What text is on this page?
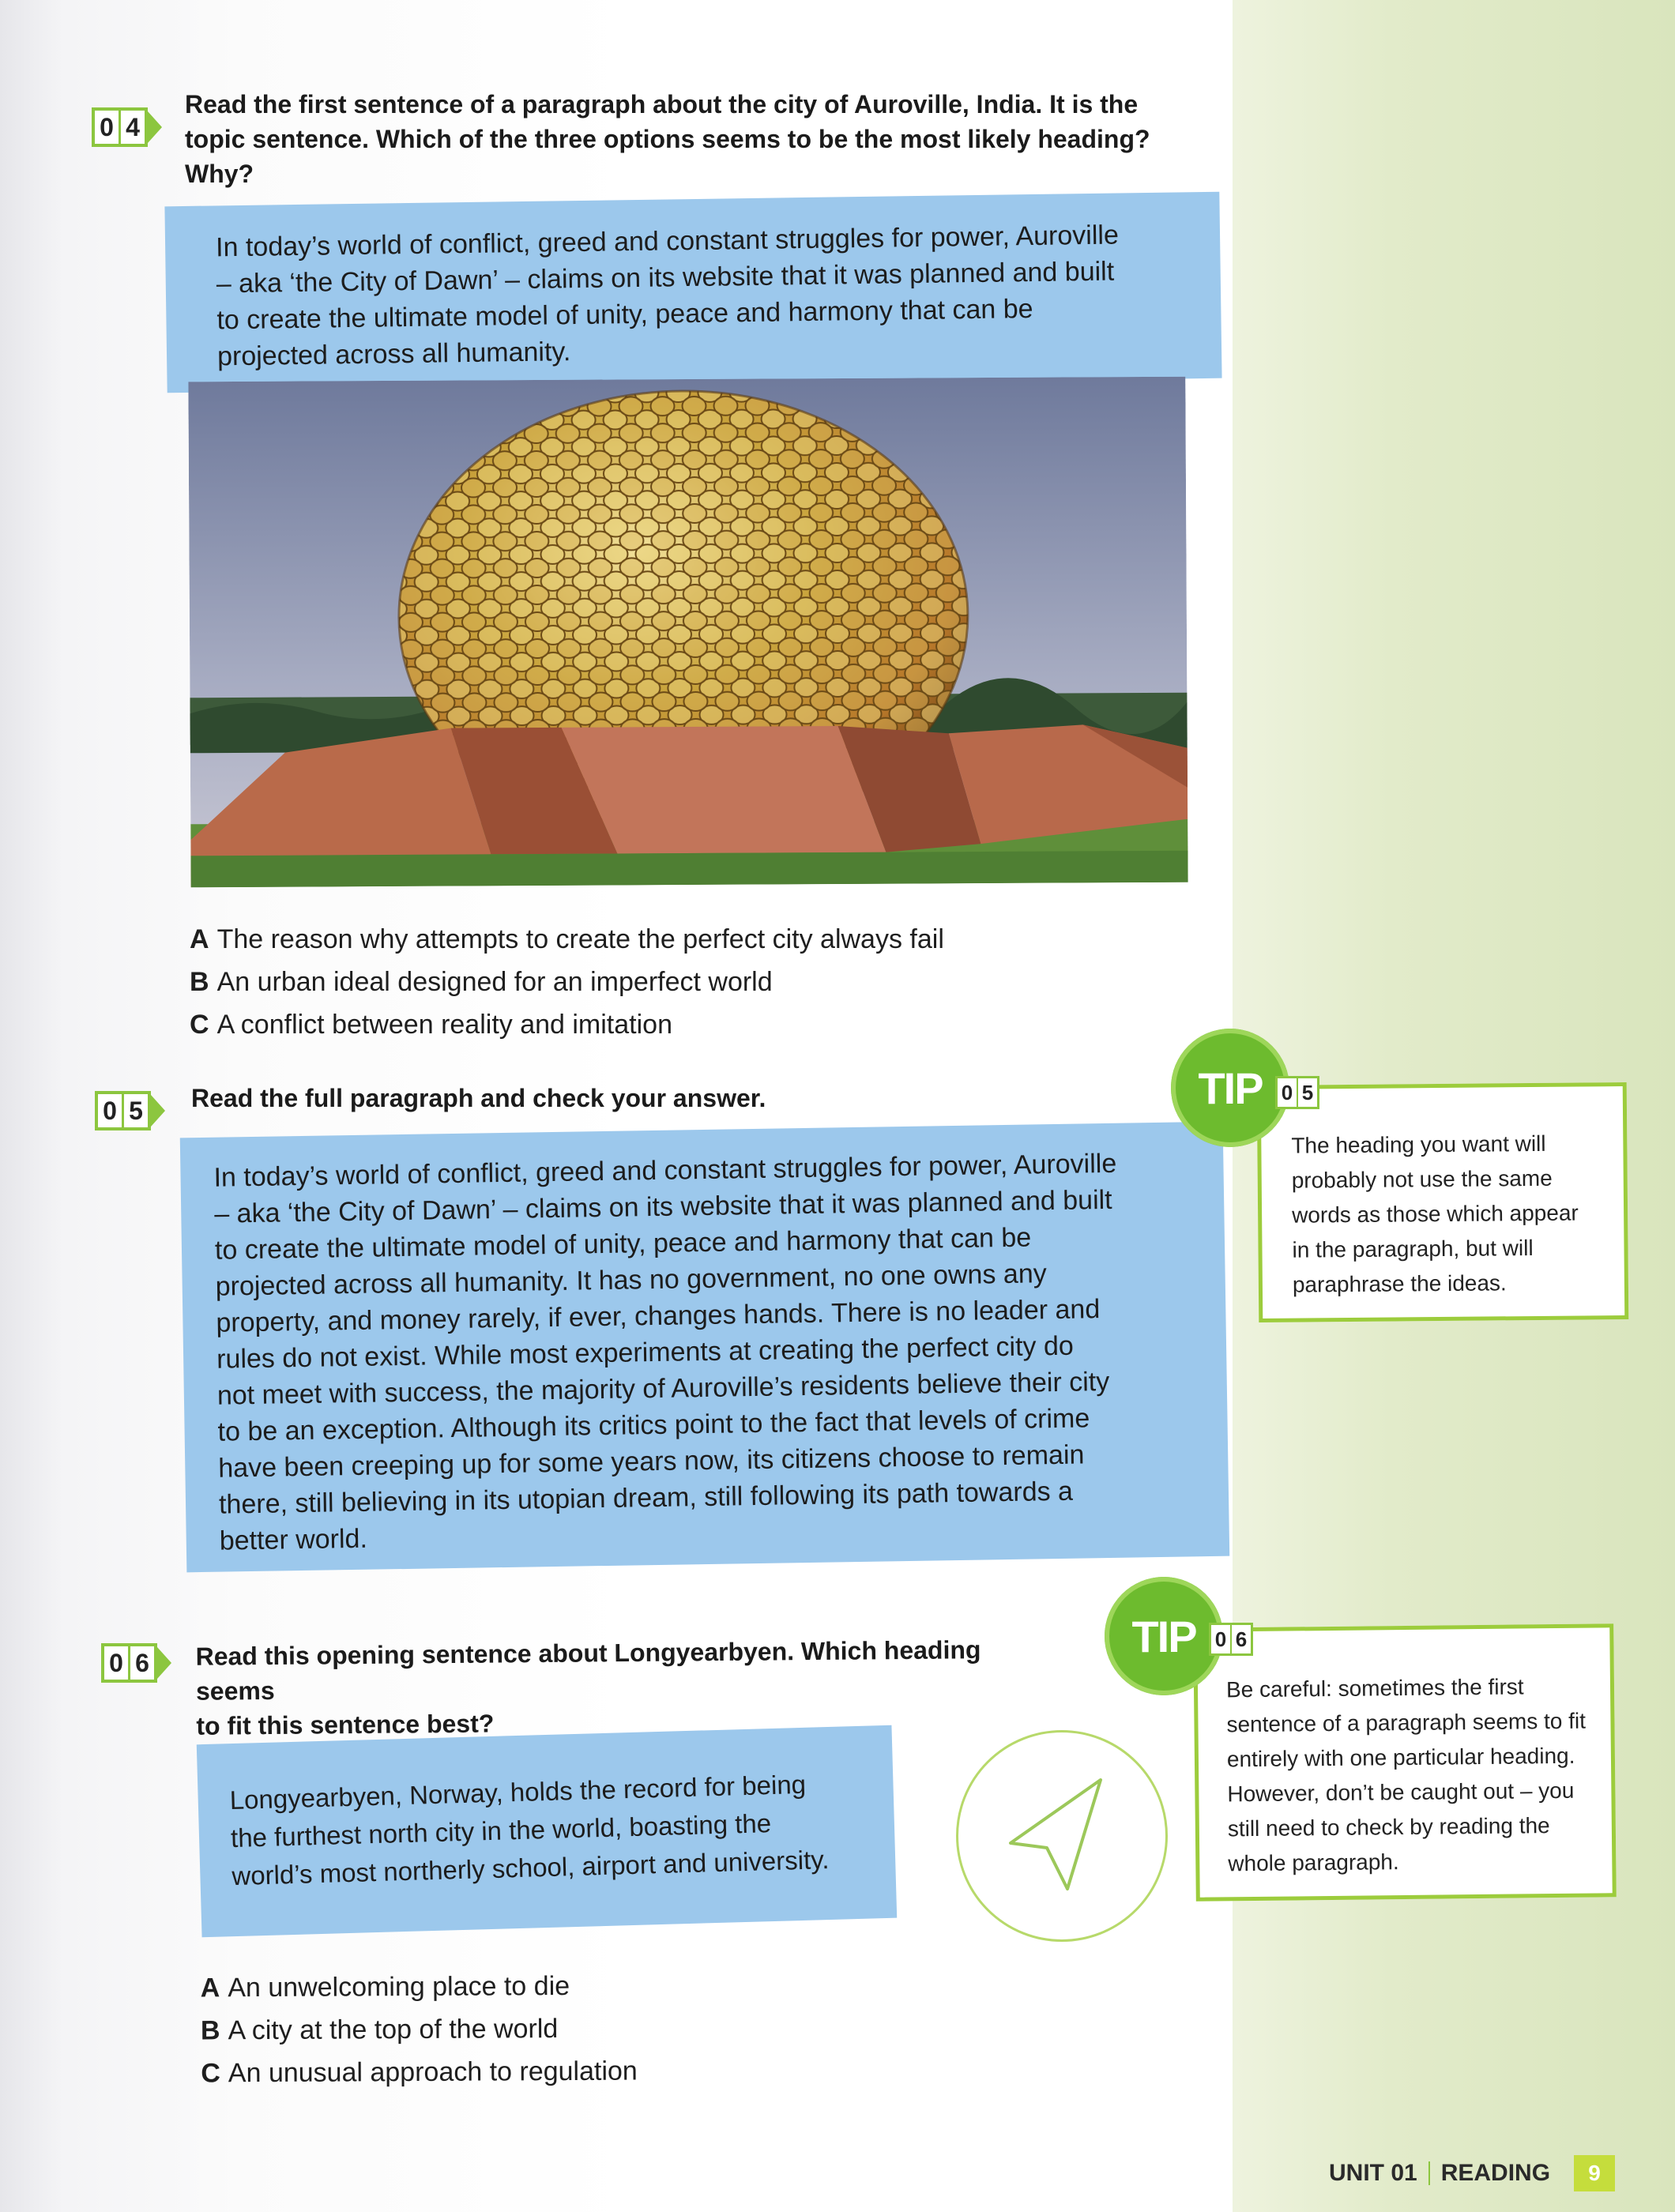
0 4
Read the first sentence of a paragraph about the city of Auroville, India. It is the
topic sentence. Which of the three options seems to be the most likely heading?
Why?

In today’s world of conflict, greed and constant struggles for power, Auroville

– aka ‘the City of Dawn’ – claims on its website that it was planned and built

to create the ultimate model of unity, peace and harmony that can be

projected across all humanity.

A The reason why attempts to create the perfect city always fail
B An urban ideal designed for an imperfect world
C A conflict between reality and imitation
0 5 Read the full paragraph and check your answer.

In today’s world of conflict, greed and constant struggles for power, Auroville

– aka ‘the City of Dawn’ – claims on its website that it was planned and built

to create the ultimate model of unity, peace and harmony that can be

projected across all humanity. It has no government, no one owns any

property, and money rarely, if ever, changes hands. There is no leader and

rules do not exist. While most experiments at creating the perfect city do

not meet with success, the majority of Auroville’s residents believe their city

to be an exception. Although its critics point to the fact that levels of crime

have been creeping up for some years now, its citizens choose to remain

there, still believing in its utopian dream, still following its path towards a

better world.

The heading you want will
probably not use the same
words as those which appear
in the paragraph, but will
paraphrase the ideas.
TIP 0 5
0 6 Read this opening sentence about Longyearbyen. Which heading seems
to fit this sentence best?

Longyearbyen, Norway, holds the record for being

the furthest north city in the world, boasting the

world’s most northerly school, airport and university.

Be careful: sometimes the first
sentence of a paragraph seems to fit
entirely with one particular heading.
However, don’t be caught out – you
still need to check by reading the
whole paragraph.
TIP 0 6
A An unwelcoming place to die
B A city at the top of the world
C An unusual approach to regulation
UNIT 01 READING	9
